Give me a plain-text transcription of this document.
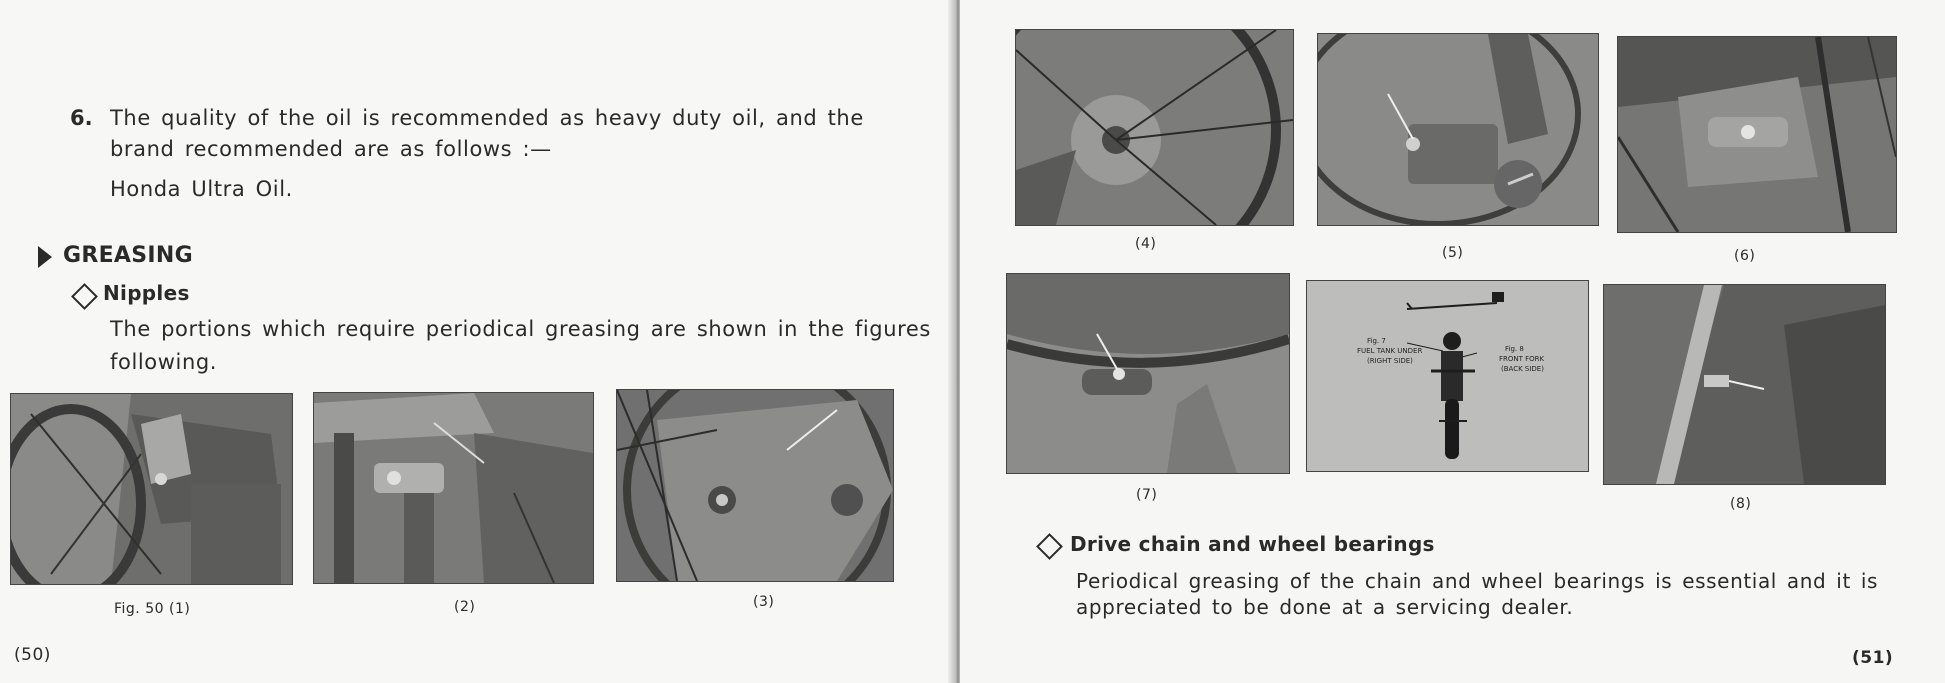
6. The quality of the oil is recommended as heavy duty oil, and the
brand recommended are as follows :—
Honda Ultra Oil.
GREASING
Nipples
The portions which require periodical greasing are shown in the figures
following.
Fig. 50 (1)	(2)	(3)
(50)
(4)
(5)	(6)
Fig. 7
FUEL TANK UNDER
(RIGHT SIDE)
Fig. 8
FRONT FORK
(BACK SIDE)
(7)
(8)
Drive chain and wheel bearings
Periodical greasing of the chain and wheel bearings is essential and it is
appreciated to be done at a servicing dealer.
(51)
